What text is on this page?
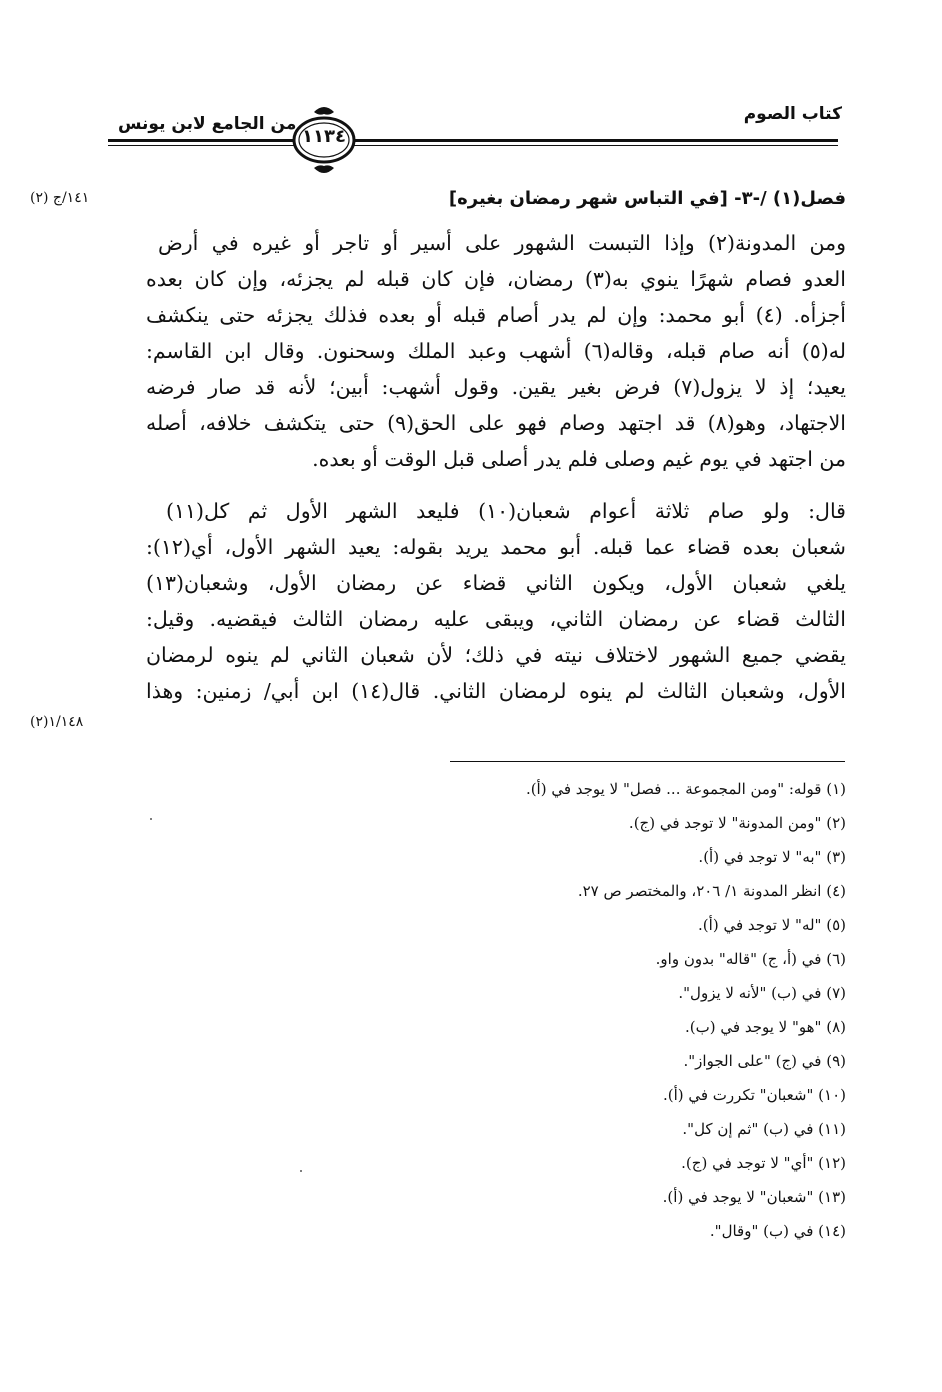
كتاب الصوم
من الجامع لابن يونس
١١٣٤
١٤١/ج (٢)
١/١٤٨(٢)
فصل(١) /-٣- [في التباس شهر رمضان بغيره]
ومن المدونة(٢) وإذا التبست الشهور على أسير أو تاجر أو غيره في أرض
العدو فصام شهرًا ينوي به(٣) رمضان، فإن كان قبله لم يجزئه، وإن كان بعده
أجزأه. (٤) أبو محمد: وإن لم يدر أصام قبله أو بعده فذلك يجزئه حتى ينكشف
له(٥) أنه صام قبله، وقاله(٦) أشهب وعبد الملك وسحنون. وقال ابن القاسم:
يعيد؛ إذ لا يزول(٧) فرض بغير يقين. وقول أشهب: أبين؛ لأنه قد صار فرضه
الاجتهاد، وهو(٨) قد اجتهد وصام فهو على الحق(٩) حتى يتكشف خلافه، أصله
من اجتهد في يوم غيم وصلى فلم يدر أصلى قبل الوقت أو بعده.
قال: ولو صام ثلاثة أعوام شعبان(١٠) فليعد الشهر الأول ثم كل(١١)
شعبان بعده قضاء عما قبله. أبو محمد يريد بقوله: يعيد الشهر الأول، أي(١٢):
يلغي شعبان الأول، ويكون الثاني قضاء عن رمضان الأول، وشعبان(١٣)
الثالث قضاء عن رمضان الثاني، ويبقى عليه رمضان الثالث فيقضيه. وقيل:
يقضي جميع الشهور لاختلاف نيته في ذلك؛ لأن شعبان الثاني لم ينوه لرمضان
الأول، وشعبان الثالث لم ينوه لرمضان الثاني. قال(١٤) ابن أبي/ زمنين: وهذا
(١) قوله: "ومن المجموعة ... فصل" لا يوجد في (أ).
(٢) "ومن المدونة" لا توجد في (ج).
(٣) "به" لا توجد في (أ).
(٤) انظر المدونة ١/ ٢٠٦، والمختصر ص ٢٧.
(٥) "له" لا توجد في (أ).
(٦) في (أ، ج) "قاله" بدون واو.
(٧) في (ب) "لأنه لا يزول".
(٨) "هو" لا يوجد في (ب).
(٩) في (ج) "على الجواز".
(١٠) "شعبان" تكررت في (أ).
(١١) في (ب) "ثم إن كل".
(١٢) "أي" لا توجد في (ج).
(١٣) "شعبان" لا يوجد في (أ).
(١٤) في (ب) "وقال".
